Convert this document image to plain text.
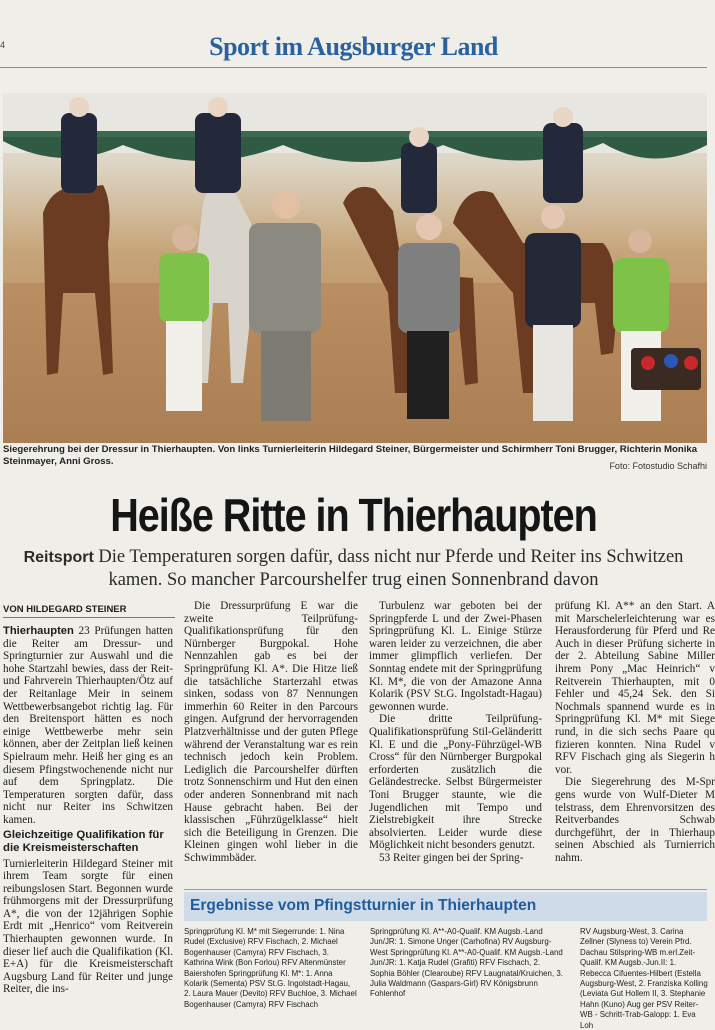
4	Sport im Augsburger Land
Siegerehrung bei der Dressur in Thierhaupten. Von links Turnierleiterin Hildegard Steiner, Bürgermeister und Schirmherr Toni Brugger, Richterin Monika Steinmayer, Anni Gross.	Foto: Fotostudio Schafhi
Heiße Ritte in Thierhaupten
Reitsport Die Temperaturen sorgen dafür, dass nicht nur Pferde und Reiter ins Schwitzen kamen. So mancher Parcourshelfer trug einen Sonnenbrand davon
VON HILDEGARD STEINER

Thierhaupten 23 Prüfungen hatten die Reiter am Dressur- und Springturnier zur Auswahl und die hohe Startzahl bewies, dass der Reit- und Fahrverein Thierhaupten/Ötz auf der Reitanlage Meir in seinem Wettbewerbsangebot richtig lag. Für den Breitensport hätten es noch einige Wettbewerbe mehr sein können, aber der Zeitplan ließ keinen Spielraum mehr. Heiß her ging es an diesem Pfingstwochenende nicht nur auf dem Springplatz. Die Temperaturen sorgten dafür, dass nicht nur Reiter ins Schwitzen kamen.

Gleichzeitige Qualifikation für die Kreismeisterschaften

Turnierleiterin Hildegard Steiner mit ihrem Team sorgte für einen reibungslosen Start. Begonnen wurde frühmorgens mit der Dressurprüfung A*, die von der 12jährigen Sophie Erdt mit „Henrico“ vom Reitverein Thierhaupten gewonnen wurde. In dieser lief auch die Qualifikation (Kl. E+A) für die Kreismeisterschaft Augsburg Land für Reiter und junge Reiter, die ins-

Die Dressurprüfung E war die zweite Teilprüfung-Qualifikationsprüfung für den Nürnberger Burgpokal. Hohe Nennzahlen gab es bei der Springprüfung Kl. A*. Die Hitze ließ die tatsächliche Starterzahl etwas sinken, sodass von 87 Nennungen immerhin 60 Reiter in den Parcours gingen. Aufgrund der hervorragenden Platzverhältnisse und der guten Pflege während der Veranstaltung war es rein technisch jedoch kein Problem. Lediglich die Parcourshelfer dürften trotz Sonnenschirm und Hut den einen oder anderen Sonnenbrand mit nach Hause gebracht haben. Bei der klassischen „Führzügelklasse“ hielt sich die Beteiligung in Grenzen. Die Kleinen gingen wohl lieber in die Schwimmbäder.

Turbulenz war geboten bei der Springpferde L und der Zwei-Phasen Springprüfung Kl. L. Einige Stürze waren leider zu verzeichnen, die aber immer glimpflich verliefen. Der Sonntag endete mit der Springprüfung Kl. M*, die von der Amazone Anna Kolarik (PSV St.G. Ingolstadt-Hagau) gewonnen wurde.

Die dritte Teilprüfung-Qualifikationsprüfung Stil-Geländeritt Kl. E und die „Pony-Führzügel-WB Cross“ für den Nürnberger Burgpokal erforderten zusätzlich die Geländestrecke. Selbst Bürgermeister Toni Brugger staunte, wie die Jugendlichen mit Tempo und Zielstrebigkeit ihre Strecke absolvierten. Leider wurde diese Möglichkeit nicht besonders genutzt.

53 Reiter gingen bei der Spring-

prüfung Kl. A** an den Start. A mit Marschelerleichterung war es Herausforderung für Pferd und Re Auch in dieser Prüfung sicherte in der 2. Abteilung Sabine Miller ihrem Pony „Mac Heinrich“ v Reitverein Thierhaupten, mit 0 Fehler und 45,24 Sek. den Si Nochmals spannend wurde es in Springprüfung Kl. M* mit Siege rund, in die sich sechs Paare qu fizieren konnten. Nina Rudel v RFV Fischach ging als Siegerin h vor.

Die Siegerehrung des M-Spr gens wurde von Wulf-Dieter M telstrass, dem Ehrenvorsitzen des Reitverbandes Schwab durchgeführt, der in Thierhaup seinen Abschied als Turnierrich nahm.

Ergebnisse vom Pfingstturnier in Thierhaupten
Springprüfung Kl. M* mit Siegerrunde: 1. Nina Rudel (Exclusive) RFV Fischach, 2. Michael Bogenhauser (Camyra) RFV Fischach, 3. Kathrina Wink (Bon Forlou) RFV Altenmünster Baiershofen Springprüfung Kl. M*: 1. Anna Kolarik (Sementa) PSV St.G. Ingolstadt-Hagau, 2. Laura Mauer (Devito) RFV Buchloe, 3. Michael Bogenhauser (Camyra) RFV Fischach
Springprüfung Kl. A**-A0-Qualif. KM Augsb.-Land Jun/JR: 1. Simone Unger (Carhofina) RV Augsburg-West Springprüfung Kl. A**-A0-Qualif. KM Augsb.-Land Jun/JR: 1. Katja Rudel (Grafiti) RFV Fischach, 2. Sophia Böhler (Clearoube) RFV Laugnatal/Kruichen, 3. Julia Waldmann (Gaspars-Girl) RV Königsbrunn Fohlenhof
RV Augsburg-West, 3. Carina Zellner (Slyness to) Verein Pfrd. Dachau Stilspring-WB m.erl.Zeit-Qualif. KM Augsb.-Jun.II: 1. Rebecca Cifuentes-Hilbert (Estella Augsburg-West, 2. Franziska Kolling (Leviata Gut Hollem II, 3. Stephanie Hahn (Kuno) Aug ger PSV Reiter-WB - Schritt-Trab-Galopp: 1. Eva Loh
